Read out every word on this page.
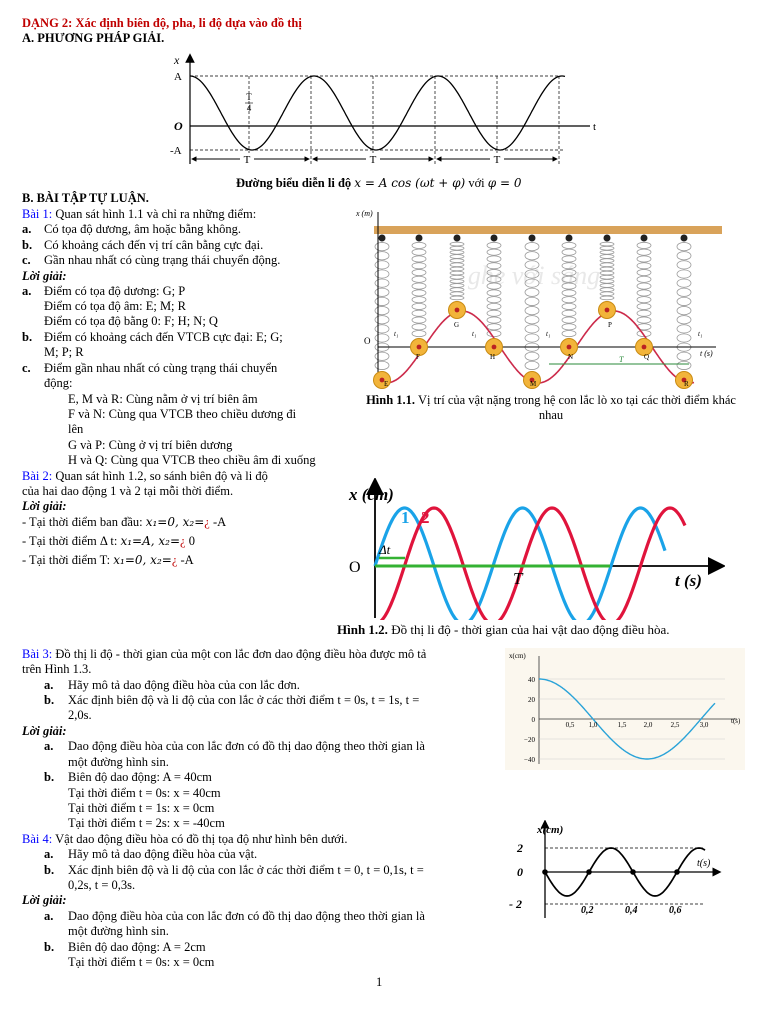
DẠNG 2: Xác định biên độ, pha, li độ dựa vào đồ thị
A. PHƯƠNG PHÁP GIẢI.
T	T	T
T
4
x
A
O
-A
t
Đường biểu diễn li độ x = A cos (ωt + φ) với φ = 0
B. BÀI TẬP TỰ LUẬN.
Bài 1: Quan sát hình 1.1 và chỉ ra những điểm:
a. Có tọa độ dương, âm hoặc bằng không.
b. Có khoảng cách đến vị trí cân bằng cực đại.
c. Gần nhau nhất có cùng trạng thái chuyển động.
Lời giải:
a. Điểm có tọa độ dương: G; P
Điểm có tọa độ âm: E; M; R
Điểm có tọa độ bằng 0: F; H; N; Q
b. Điểm có khoảng cách đến VTCB cực đại: E; G;
M; P; R
c. Điểm gần nhau nhất có cùng trạng thái chuyển
động:
E, M và R: Cùng nằm ở vị trí biên âm
F và N: Cùng qua VTCB theo chiều dương đi
lên
G và P: Cùng ở vị trí biên dương
H và Q: Cùng qua VTCB theo chiều âm đi xuống
ghe với sáng
x (m)
t (s)
O
T
G	P
F	H	N	Q
E	M	R
t₁	t₁	t₁	t₁
Hình 1.1. Vị trí của vật nặng trong hệ con lắc lò xo tại các thời điểm khác nhau
Bài 2: Quan sát hình 1.2, so sánh biên độ và li độ
của hai dao động 1 và 2 tại mỗi thời điểm.
Lời giải:
- Tại thời điểm ban đầu: x₁=0, x₂=¿ -A
- Tại thời điểm Δ t: x₁=A, x₂=¿ 0
- Tại thời điểm T: x₁=0, x₂=¿ -A
x (cm)
t (s)
O
1 2
Δt
T
Hình 1.2. Đồ thị li độ - thời gian của hai vật dao động điều hòa.
Bài 3: Đồ thị li độ - thời gian của một con lắc đơn dao động điều hòa được mô tả
trên Hình 1.3.
a. Hãy mô tả dao động điều hòa của con lắc đơn.
b. Xác định biên độ và li độ của con lắc ở các thời điểm t = 0s, t = 1s, t =
2,0s.
Lời giải:
a. Dao động điều hòa của con lắc đơn có đồ thị dao động theo thời gian là
một đường hình sin.
b. Biên độ dao động: A = 40cm
Tại thời điểm t = 0s: x = 40cm
Tại thời điểm t = 1s: x = 0cm
Tại thời điểm t = 2s: x = -40cm
x(cm)
t(s)
40
20
0
−20
−40
0,5 1,0	1,5 2,0	2,5	3,0
Bài 4: Vật dao động điều hòa có đồ thị tọa độ như hình bên dưới.
a. Hãy mô tả dao động điều hòa của vật.
b. Xác định biên độ và li độ của con lắc ở các thời điểm t = 0, t = 0,1s, t =
0,2s, t = 0,3s.
Lời giải:
a. Dao động điều hòa của con lắc đơn có đồ thị dao động theo thời gian là
một đường hình sin.
b. Biên độ dao động: A = 2cm
Tại thời điểm t = 0s: x = 0cm
x(cm)
t(s)
2
0
- 2	0,2	0,4	0,6
1
